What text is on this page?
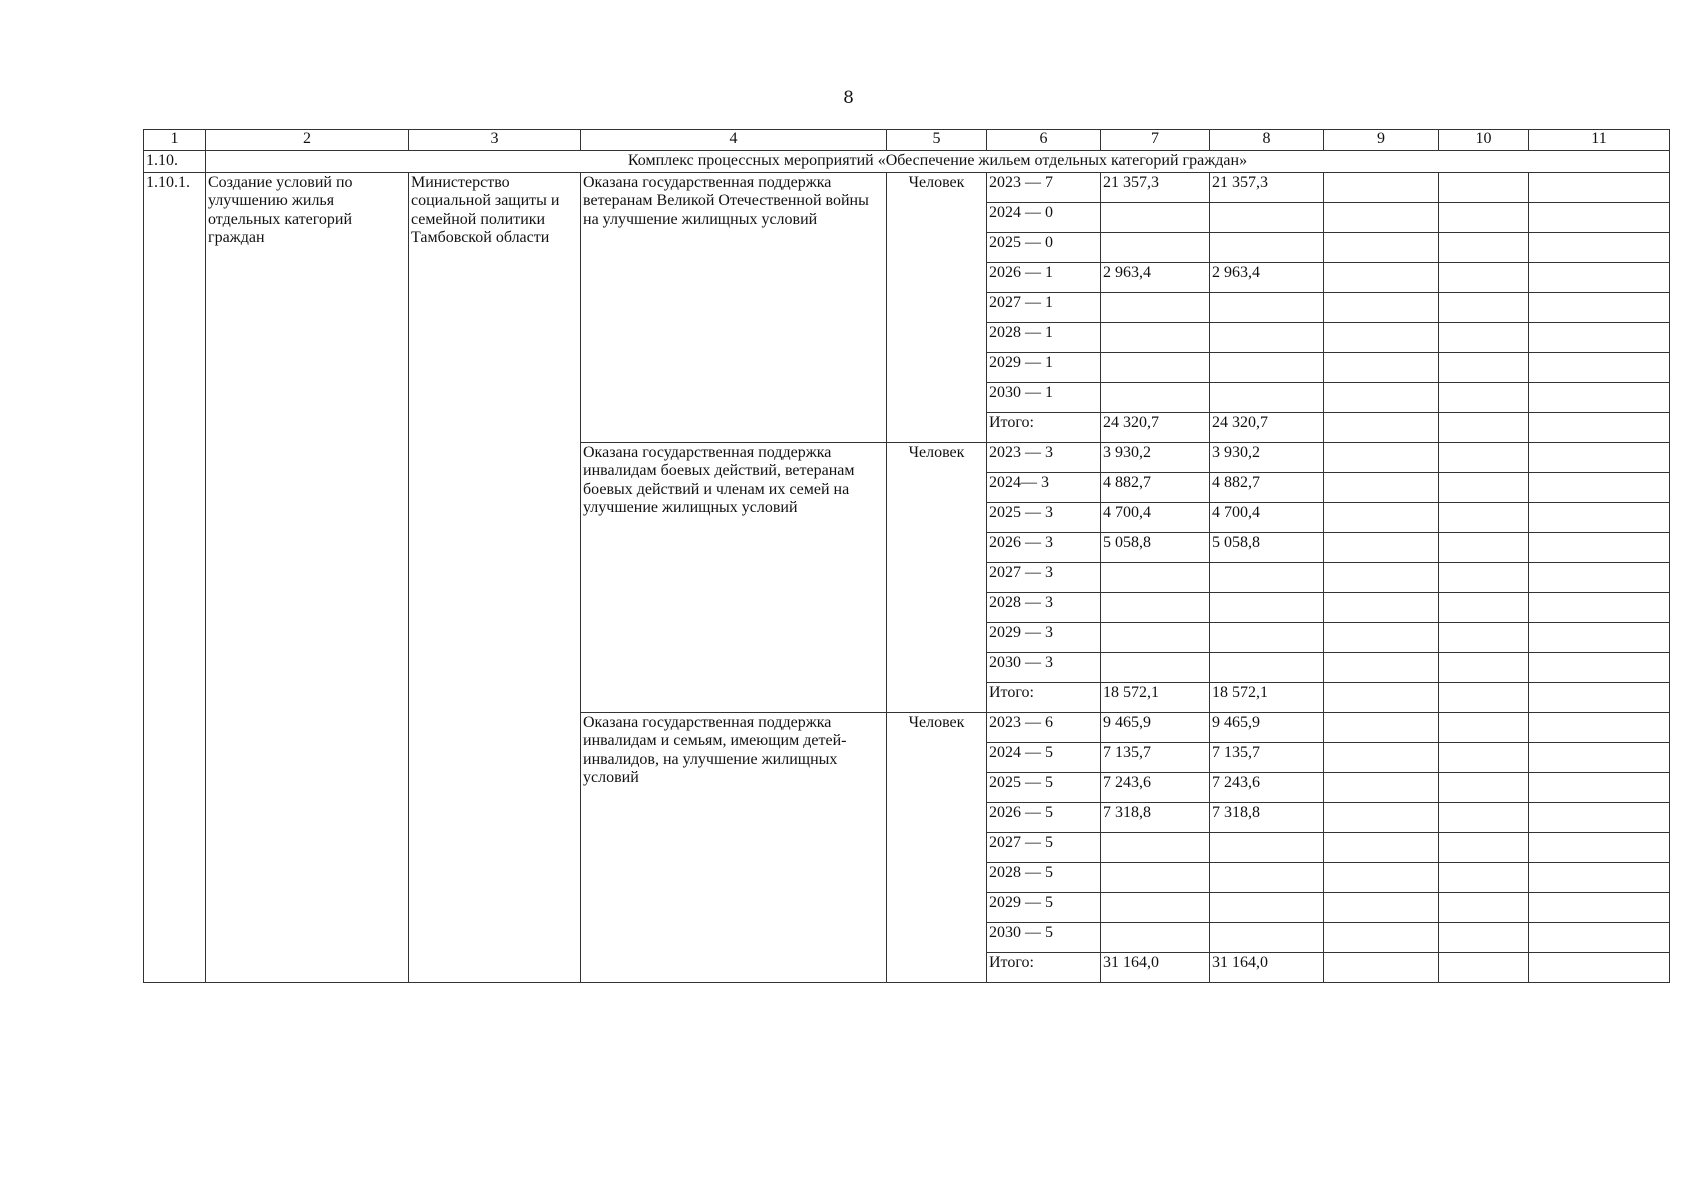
8
1	2	3	4	5	6	7	8	9	10	11
1.10.	Комплекс процессных мероприятий «Обеспечение жильем отдельных категорий граждан»									
1.10.1.	Создание условий по улучшению жилья отдельных категорий граждан	Министерство социальной защиты и семейной политики Тамбовской области	Оказана государственная поддержка ветеранам Великой Отечественной войны на улучшение жилищных условий	Человек	2023 — 7	21 357,3	21 357,3			
					2024 — 0					
					2025 — 0					
					2026 — 1	2 963,4	2 963,4			
					2027 — 1					
					2028 — 1					
					2029 — 1					
					2030 — 1					
					Итого:	24 320,7	24 320,7			
			Оказана государственная поддержка инвалидам боевых действий, ветеранам боевых действий и членам их семей на улучшение жилищных условий	Человек	2023 — 3	3 930,2	3 930,2			
					2024— 3	4 882,7	4 882,7			
					2025 — 3	4 700,4	4 700,4			
					2026 — 3	5 058,8	5 058,8			
					2027 — 3					
					2028 — 3					
					2029 — 3					
					2030 — 3					
					Итого:	18 572,1	18 572,1			
			Оказана государственная поддержка инвалидам и семьям, имеющим детей-инвалидов, на улучшение жилищных условий	Человек	2023 — 6	9 465,9	9 465,9			
					2024 — 5	7 135,7	7 135,7			
					2025 — 5	7 243,6	7 243,6			
					2026 — 5	7 318,8	7 318,8			
					2027 — 5					
					2028 — 5					
					2029 — 5					
					2030 — 5					
					Итого:	31 164,0	31 164,0			
